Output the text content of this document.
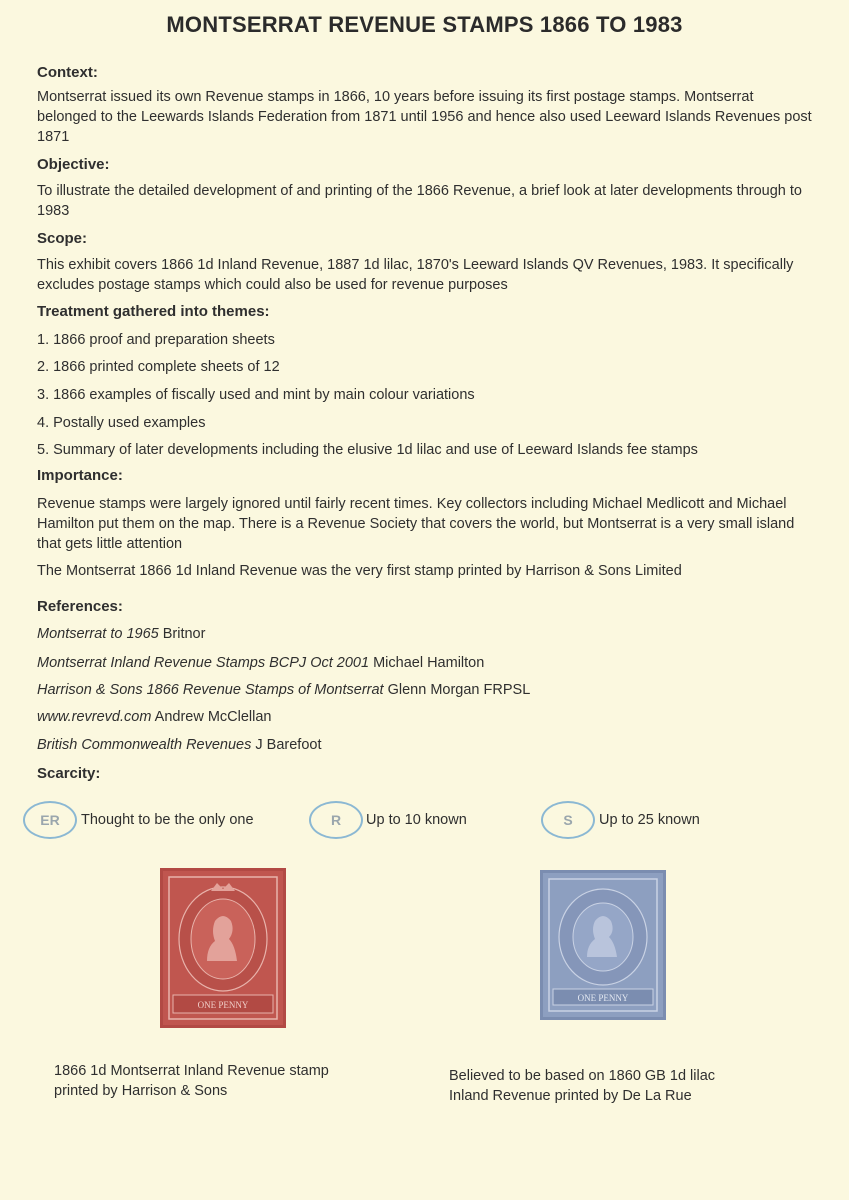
MONTSERRAT REVENUE STAMPS 1866 TO 1983
Context:
Montserrat issued its own Revenue stamps in 1866, 10 years before issuing its first postage stamps. Montserrat belonged to the Leewards Islands Federation from 1871 until 1956 and hence also used Leeward Islands Revenues post 1871
Objective:
To illustrate the detailed development of and printing of the 1866 Revenue, a brief look at later developments through to 1983
Scope:
This exhibit covers 1866 1d Inland Revenue, 1887 1d lilac, 1870's Leeward Islands QV Revenues, 1983. It specifically excludes postage stamps which could also be used for revenue purposes
Treatment gathered into themes:
1. 1866 proof and preparation sheets
2. 1866 printed complete sheets of 12
3. 1866 examples of fiscally used and mint by main colour variations
4. Postally used examples
5. Summary of later developments including the elusive 1d lilac and use of Leeward Islands fee stamps
Importance:
Revenue stamps were largely ignored until fairly recent times. Key collectors including Michael Medlicott and Michael Hamilton put them on the map. There is a Revenue Society that covers the world, but Montserrat is a very small island that gets little attention
The Montserrat 1866 1d Inland Revenue was the very first stamp printed by Harrison & Sons Limited
References:
Montserrat to 1965 Britnor
Montserrat Inland Revenue Stamps BCPJ Oct 2001 Michael Hamilton
Harrison & Sons 1866 Revenue Stamps of Montserrat Glenn Morgan FRPSL
www.revrevd.com Andrew McClellan
British Commonwealth Revenues J Barefoot
Scarcity:
ER	Thought to be the only one	R	Up to 10 known	S	Up to 25 known
ONE PENNY
ONE PENNY
1866 1d Montserrat Inland Revenue stamp
printed by Harrison & Sons
Believed to be based on 1860 GB 1d lilac
Inland Revenue printed by De La Rue
